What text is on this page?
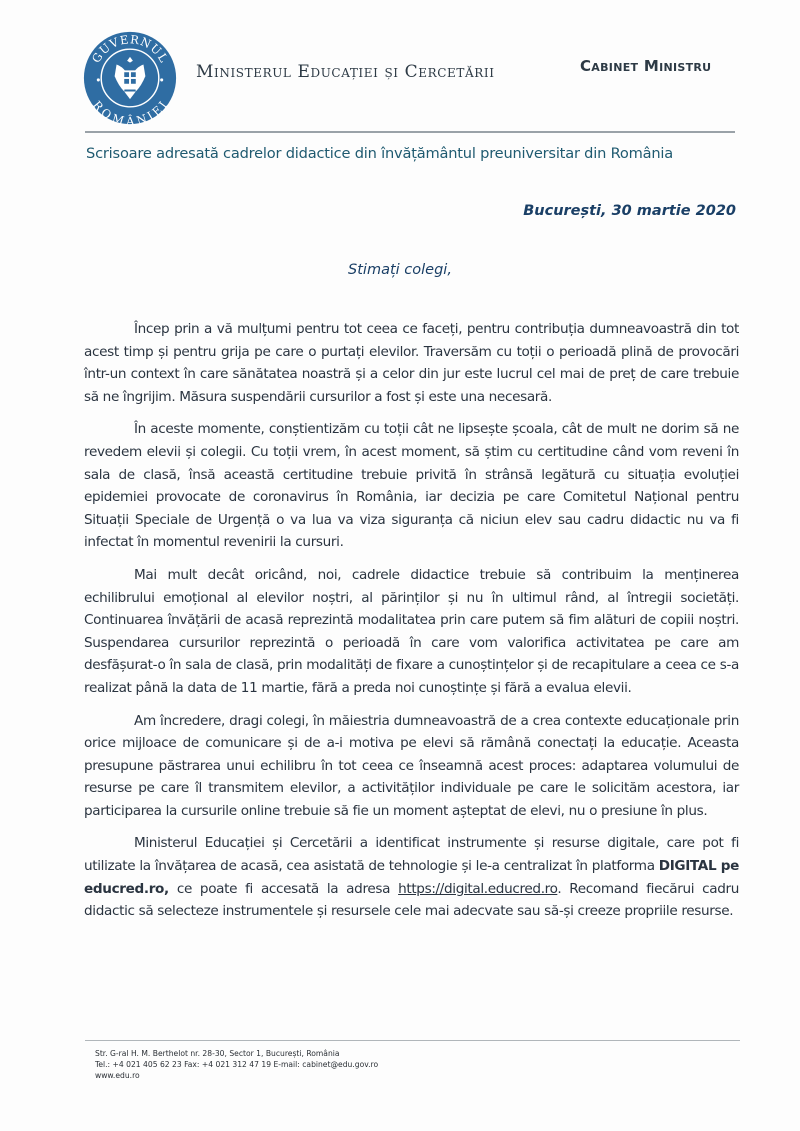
GUVERNUL
ROMÂNIEI
Ministerul Educației și Cercetării	Cabinet Ministru
Scrisoare adresată cadrelor didactice din învățământul preuniversitar din România
București, 30 martie 2020
Stimați colegi,

Încep prin a vă mulțumi pentru tot ceea ce faceți, pentru contribuția dumneavoastră din tot acest timp și pentru grija pe care o purtați elevilor. Traversăm cu toții o perioadă plină de provocări într-un context în care sănătatea noastră și a celor din jur este lucrul cel mai de preț de care trebuie să ne îngrijim. Măsura suspendării cursurilor a fost și este una necesară.

În aceste momente, conștientizăm cu toții cât ne lipsește școala, cât de mult ne dorim să ne revedem elevii și colegii. Cu toții vrem, în acest moment, să știm cu certitudine când vom reveni în sala de clasă, însă această certitudine trebuie privită în strânsă legătură cu situația evoluției epidemiei provocate de coronavirus în România, iar decizia pe care Comitetul Național pentru Situații Speciale de Urgență o va lua va viza siguranța că niciun elev sau cadru didactic nu va fi infectat în momentul revenirii la cursuri.

Mai mult decât oricând, noi, cadrele didactice trebuie să contribuim la menținerea echilibrului emoțional al elevilor noștri, al părinților și nu în ultimul rând, al întregii societăți. Continuarea învățării de acasă reprezintă modalitatea prin care putem să fim alături de copiii noștri. Suspendarea cursurilor reprezintă o perioadă în care vom valorifica activitatea pe care am desfășurat-o în sala de clasă, prin modalități de fixare a cunoștințelor și de recapitulare a ceea ce s-a realizat până la data de 11 martie, fără a preda noi cunoștințe și fără a evalua elevii.

Am încredere, dragi colegi, în măiestria dumneavoastră de a crea contexte educaționale prin orice mijloace de comunicare și de a-i motiva pe elevi să rămână conectați la educație. Aceasta presupune păstrarea unui echilibru în tot ceea ce înseamnă acest proces: adaptarea volumului de resurse pe care îl transmitem elevilor, a activităților individuale pe care le solicităm acestora, iar participarea la cursurile online trebuie să fie un moment așteptat de elevi, nu o presiune în plus.

Ministerul Educației și Cercetării a identificat instrumente și resurse digitale, care pot fi utilizate la învățarea de acasă, cea asistată de tehnologie și le-a centralizat în platforma DIGITAL pe educred.ro, ce poate fi accesată la adresa https://digital.educred.ro. Recomand fiecărui cadru didactic să selecteze instrumentele și resursele cele mai adecvate sau să-și creeze propriile resurse.

Str. G-ral H. M. Berthelot nr. 28-30, Sector 1, București, România
Tel.: +4 021 405 62 23 Fax: +4 021 312 47 19 E-mail: cabinet@edu.gov.ro
www.edu.ro
